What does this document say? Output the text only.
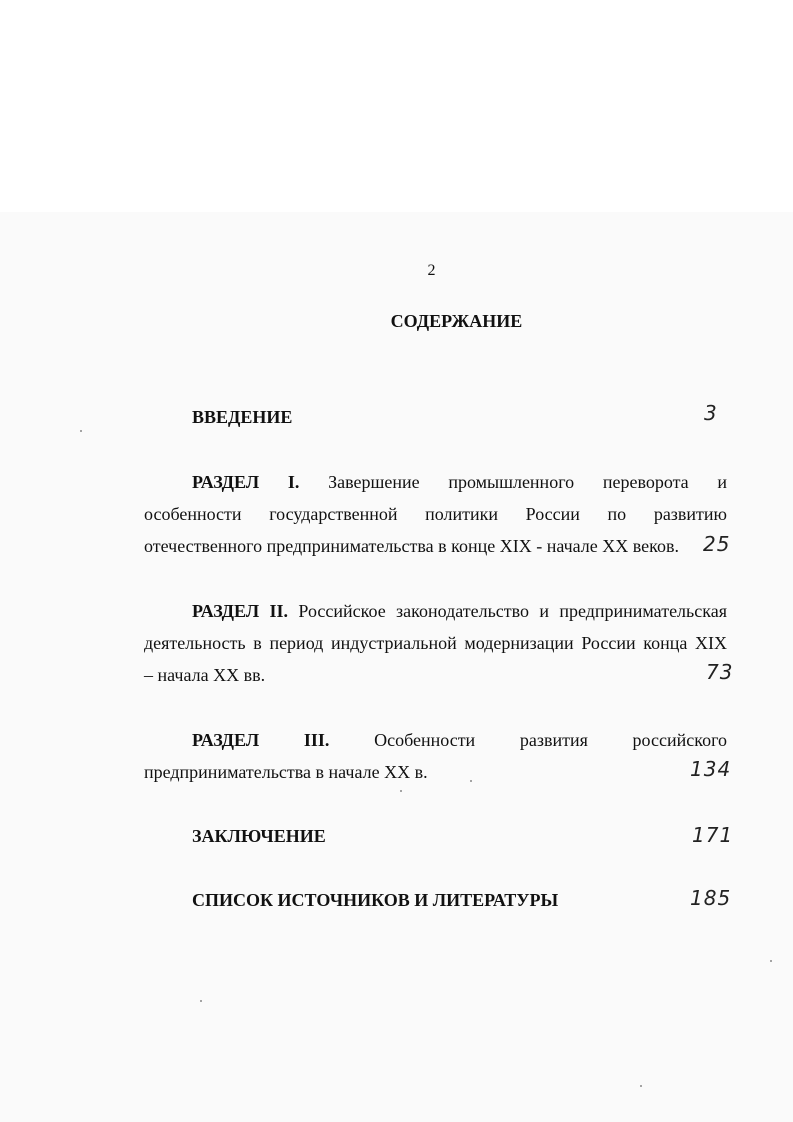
2
СОДЕРЖАНИЕ
ВВЕДЕНИЕ	3
РАЗДЕЛ I. Завершение промышленного переворота и
особенности государственной политики России по развитию
отечественного предпринимательства в конце XIX - начале XX веков. 25
РАЗДЕЛ II. Российское законодательство и предпринимательская
деятельность в период индустриальной модернизации России конца XIX
– начала XX вв.	73
РАЗДЕЛ III. Особенности развития российского
предпринимательства в начале XX в.	134
ЗАКЛЮЧЕНИЕ	171
СПИСОК ИСТОЧНИКОВ И ЛИТЕРАТУРЫ	185
